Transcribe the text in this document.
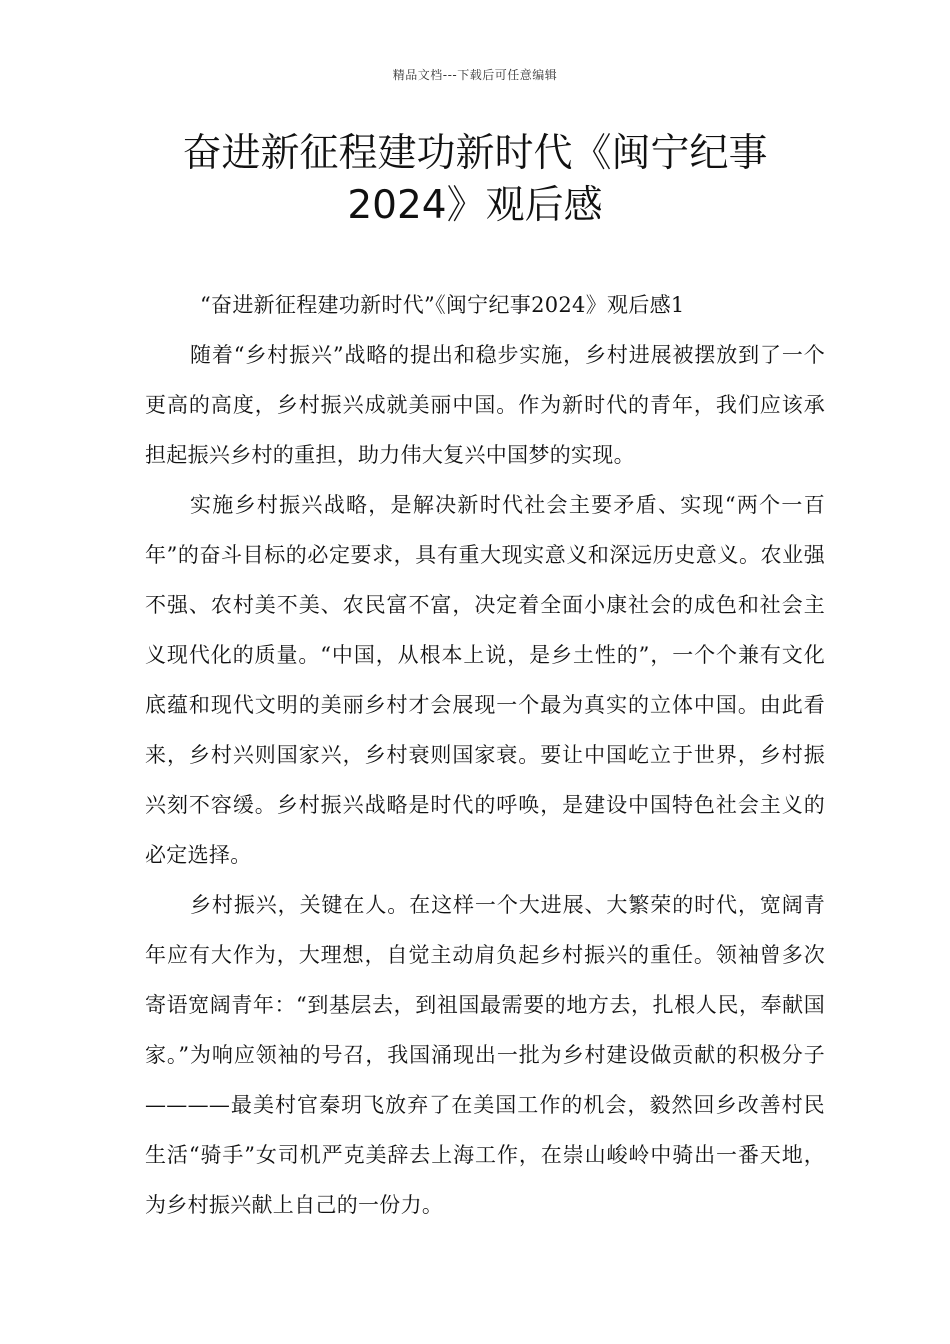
精品文档---下载后可任意编辑
奋进新征程建功新时代《闽宁纪事
2024》观后感

“奋进新征程建功新时代”《闽宁纪事2024》观后感1

随着“乡村振兴”战略的提出和稳步实施，乡村进展被摆放到了一个更高的高度，乡村振兴成就美丽中国。作为新时代的青年，我们应该承担起振兴乡村的重担，助力伟大复兴中国梦的实现。

实施乡村振兴战略，是解决新时代社会主要矛盾、实现“两个一百年”的奋斗目标的必定要求，具有重大现实意义和深远历史意义。农业强不强、农村美不美、农民富不富，决定着全面小康社会的成色和社会主义现代化的质量。“中国，从根本上说，是乡土性的”，一个个兼有文化底蕴和现代文明的美丽乡村才会展现一个最为真实的立体中国。由此看来，乡村兴则国家兴，乡村衰则国家衰。要让中国屹立于世界，乡村振兴刻不容缓。乡村振兴战略是时代的呼唤，是建设中国特色社会主义的必定选择。

乡村振兴，关键在人。在这样一个大进展、大繁荣的时代，宽阔青年应有大作为，大理想，自觉主动肩负起乡村振兴的重任。领袖曾多次寄语宽阔青年：“到基层去，到祖国最需要的地方去，扎根人民，奉献国家。”为响应领袖的号召，我国涌现出一批为乡村建设做贡献的积极分子————最美村官秦玥飞放弃了在美国工作的机会，毅然回乡改善村民生活“骑手”女司机严克美辞去上海工作，在崇山峻岭中骑出一番天地，为乡村振兴献上自己的一份力。
